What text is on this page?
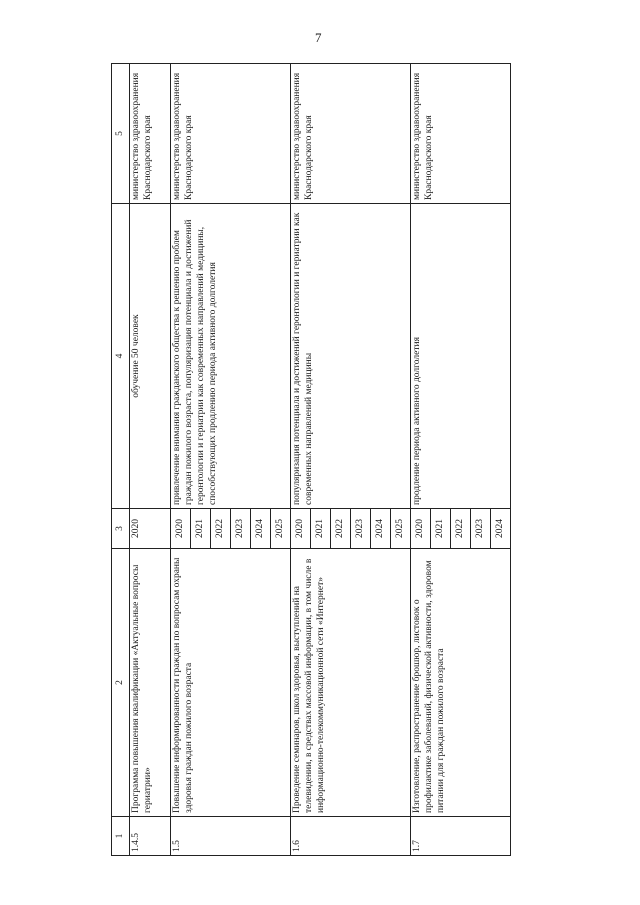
7
1	2	3	4	5
1.4.5	Программа повышения квалификации «Актуальные вопросы гериатрии»	2020	обучение 50 человек	министерство здравоохранения Краснодарского края
1.5	Повышение информированности граждан по вопросам охраны здоровья граждан пожилого возраста	2020	привлечение внимания гражданского общества к решению проблем граждан пожилого возраста, популяризация потенциала и достижений геронтологии и гериатрии как современных направлений медицины, способствующих продлению периода активного долголетия	министерство здравоохранения Краснодарского края
		2021		
		2022		
		2023		
		2024		
		2025		
1.6	Проведение семинаров, школ здоровья, выступлений на телевидении, в средствах массовой информации, в том числе в информационно-телекоммуникационной сети «Интернет»	2020	популяризация потенциала и достижений геронтологии и гериатрии как современных направлений медицины	министерство здравоохранения Краснодарского края
		2021		
		2022		
		2023		
		2024		
		2025		
1.7	Изготовление, распространение брошюр, листовок о профилактике заболеваний, физической активности, здоровом питании для граждан пожилого возраста	2020	продление периода активного долголетия	министерство здравоохранения Краснодарского края
		2021		
		2022		
		2023		
		2024		
